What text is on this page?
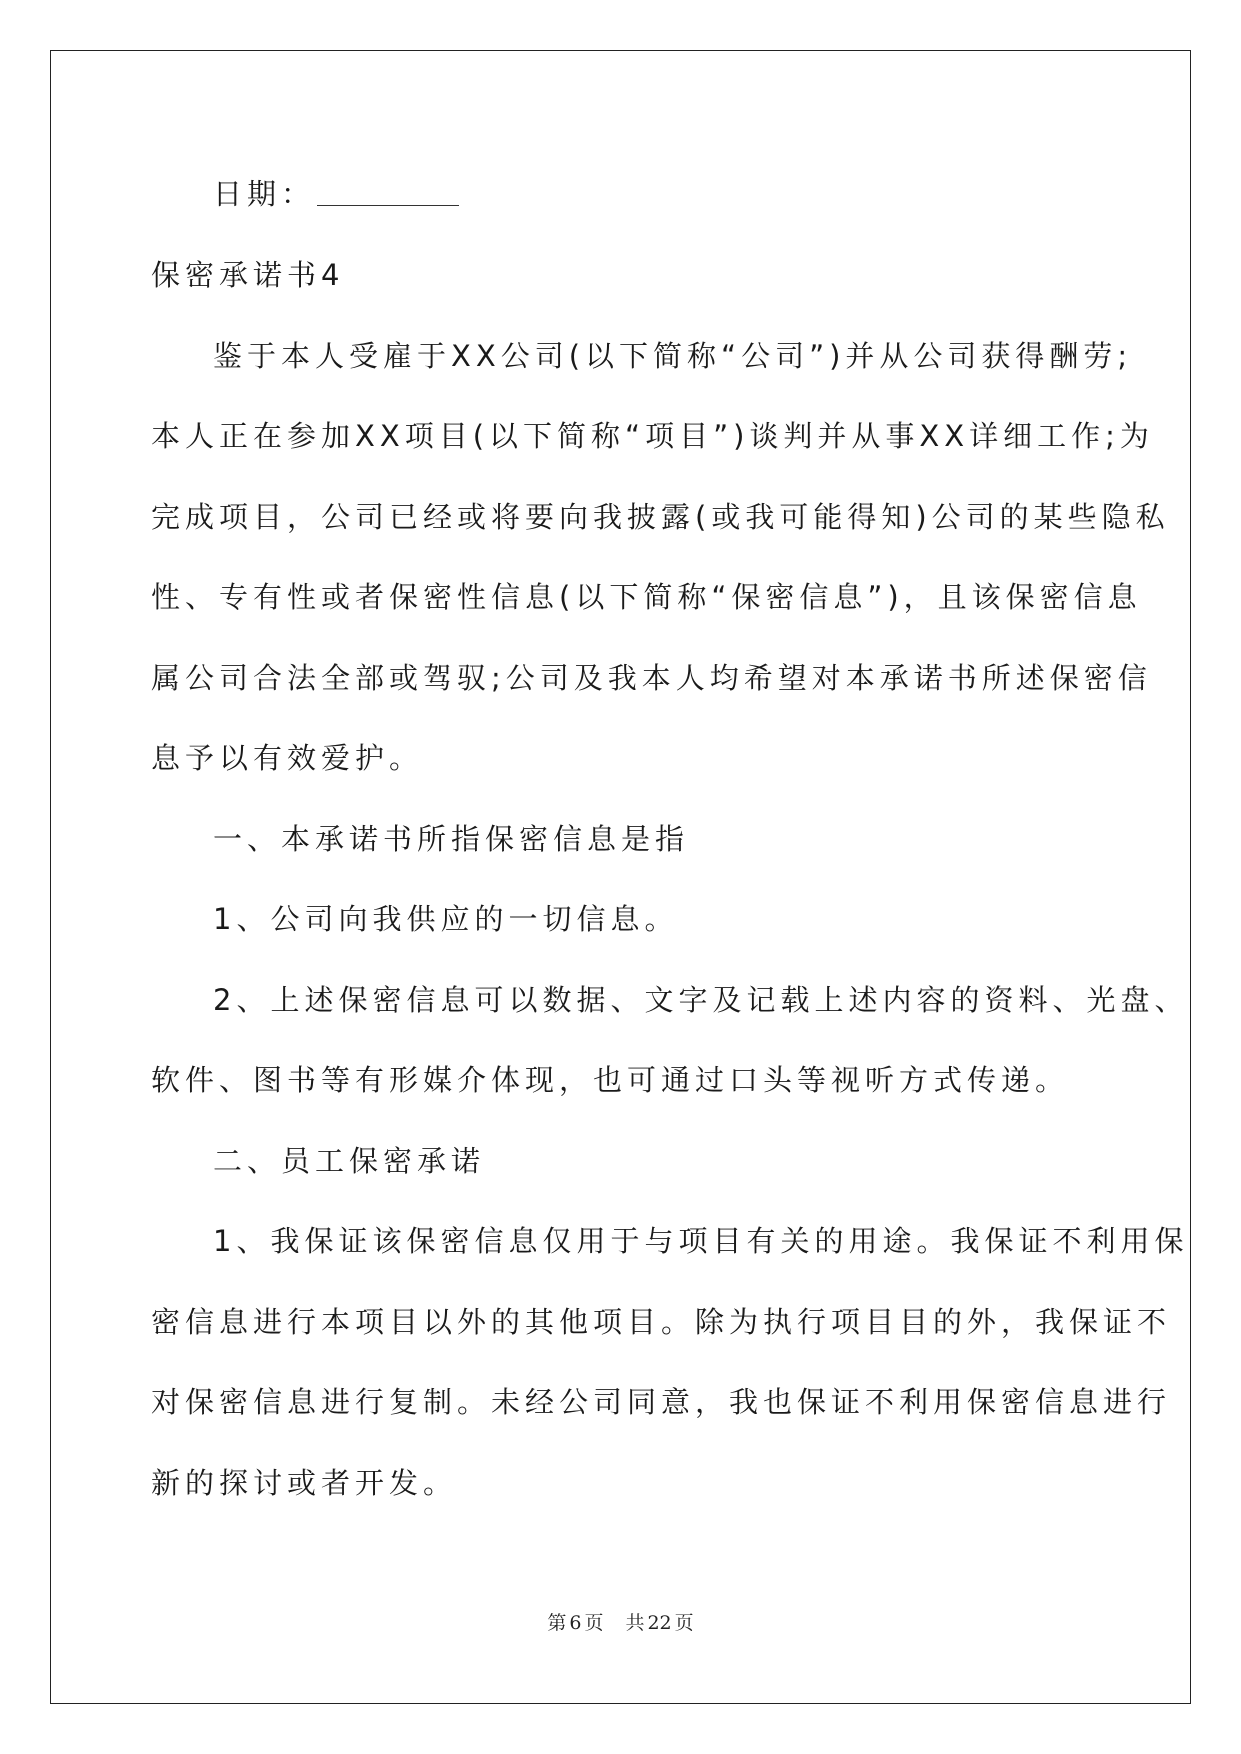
日期：
保密承诺书4
鉴于本人受雇于XX公司(以下简称“公司”)并从公司获得酬劳;
本人正在参加XX项目(以下简称“项目”)谈判并从事XX详细工作;为
完成项目，公司已经或将要向我披露(或我可能得知)公司的某些隐私
性、专有性或者保密性信息(以下简称“保密信息”)，且该保密信息
属公司合法全部或驾驭;公司及我本人均希望对本承诺书所述保密信
息予以有效爱护。
一、本承诺书所指保密信息是指
1、公司向我供应的一切信息。
2、上述保密信息可以数据、文字及记载上述内容的资料、光盘、
软件、图书等有形媒介体现，也可通过口头等视听方式传递。
二、员工保密承诺
1、我保证该保密信息仅用于与项目有关的用途。我保证不利用保
密信息进行本项目以外的其他项目。除为执行项目目的外，我保证不
对保密信息进行复制。未经公司同意，我也保证不利用保密信息进行
新的探讨或者开发。
第 6 页 共 22 页
